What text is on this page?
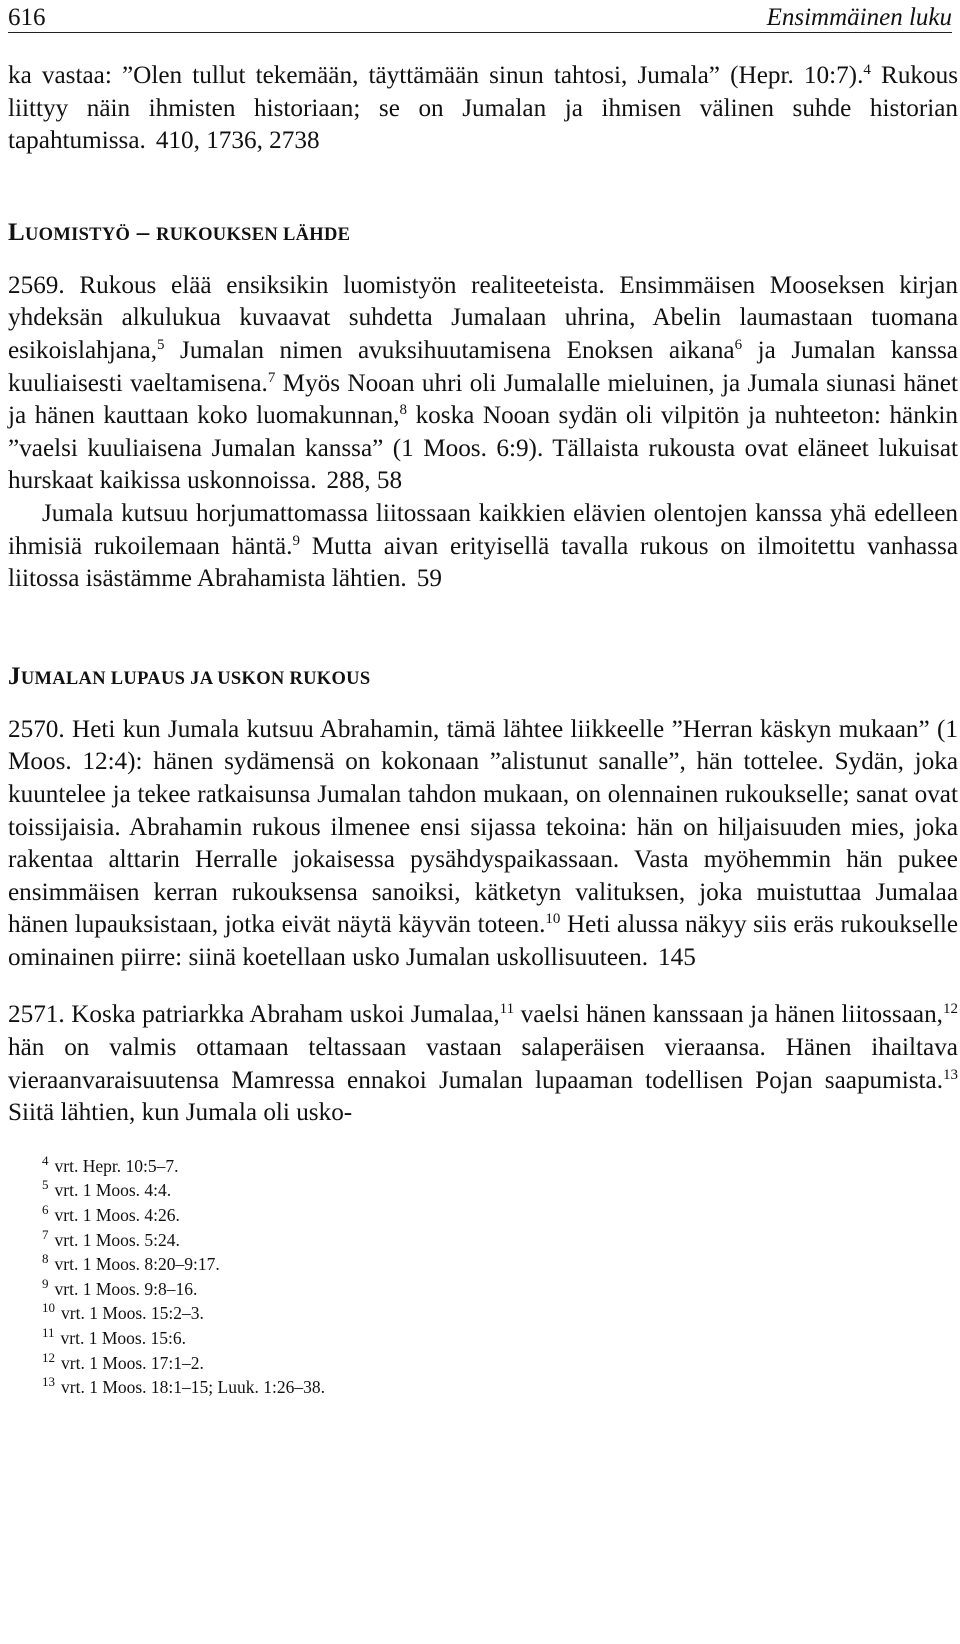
616	Ensimmäinen luku

ka vastaa: ”Olen tullut tekemään, täyttämään sinun tahtosi, Jumala” (Hepr. 10:7).$^4$ Rukous liittyy näin ihmisten historiaan; se on Jumalan ja ihmisen välinen suhde historian tapahtumissa. 410, 1736, 2738

LUOMISTYÖ – RUKOUKSEN LÄHDE

2569. Rukous elää ensiksikin luomistyön realiteeteista. Ensimmäisen Mooseksen kirjan yhdeksän alkulukua kuvaavat suhdetta Jumalaan uhrina, Abelin laumastaan tuomana esikoislahjana,$^5$ Jumalan nimen avuksihuutamisena Enoksen aikana$^6$ ja Jumalan kanssa kuuliaisesti vaeltamisena.$^7$ Myös Nooan uhri oli Jumalalle mieluinen, ja Jumala siunasi hänet ja hänen kauttaan koko luomakunnan,$^8$ koska Nooan sydän oli vilpitön ja nuhteeton: hänkin ”vaelsi kuuliaisena Jumalan kanssa” (1 Moos. 6:9). Tällaista rukousta ovat eläneet lukuisat hurskaat kaikissa uskonnoissa. 288, 58

Jumala kutsuu horjumattomassa liitossaan kaikkien elävien olentojen kanssa yhä edelleen ihmisiä rukoilemaan häntä.$^9$ Mutta aivan erityisellä tavalla rukous on ilmoitettu vanhassa liitossa isästämme Abrahamista lähtien. 59

JUMALAN LUPAUS JA USKON RUKOUS

2570. Heti kun Jumala kutsuu Abrahamin, tämä lähtee liikkeelle ”Herran käskyn mukaan” (1 Moos. 12:4): hänen sydämensä on kokonaan ”alistunut sanalle”, hän tottelee. Sydän, joka kuuntelee ja tekee ratkaisunsa Jumalan tahdon mukaan, on olennainen rukoukselle; sanat ovat toissijaisia. Abrahamin rukous ilmenee ensi sijassa tekoina: hän on hiljaisuuden mies, joka rakentaa alttarin Herralle jokaisessa pysähdyspaikassaan. Vasta myöhemmin hän pukee ensimmäisen kerran rukouksensa sanoiksi, kätketyn valituksen, joka muistuttaa Jumalaa hänen lupauksistaan, jotka eivät näytä käyvän toteen.$^{10}$ Heti alussa näkyy siis eräs rukoukselle ominainen piirre: siinä koetellaan usko Jumalan uskollisuuteen. 145

2571. Koska patriarkka Abraham uskoi Jumalaa,$^{11}$ vaelsi hänen kanssaan ja hänen liitossaan,$^{12}$ hän on valmis ottamaan teltassaan vastaan salaperäisen vieraansa. Hänen ihailtava vieraanvaraisuutensa Mamressa ennakoi Jumalan lupaaman todellisen Pojan saapumista.$^{13}$ Siitä lähtien, kun Jumala oli usko-

$^4$ vrt. Hepr. 10:5–7.

$^5$ vrt. 1 Moos. 4:4.

$^6$ vrt. 1 Moos. 4:26.

$^7$ vrt. 1 Moos. 5:24.

$^8$ vrt. 1 Moos. 8:20–9:17.

$^9$ vrt. 1 Moos. 9:8–16.

$^{10}$ vrt. 1 Moos. 15:2–3.

$^{11}$ vrt. 1 Moos. 15:6.

$^{12}$ vrt. 1 Moos. 17:1–2.

$^{13}$ vrt. 1 Moos. 18:1–15; Luuk. 1:26–38.
